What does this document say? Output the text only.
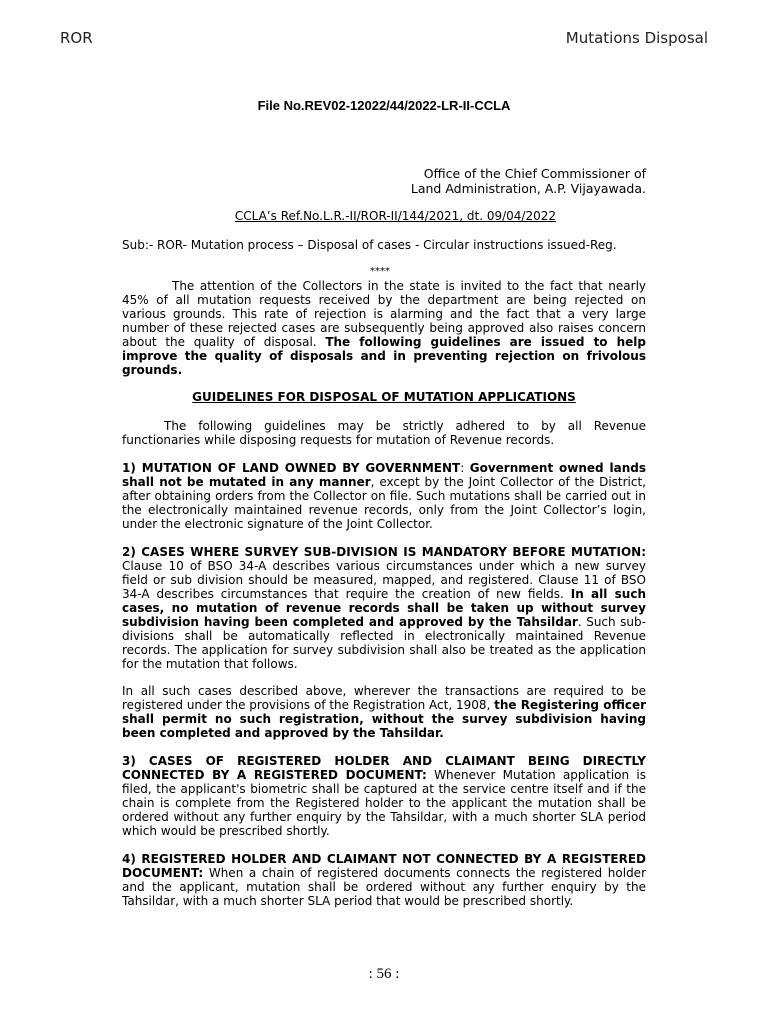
ROR	Mutations Disposal
File No.REV02-12022/44/2022-LR-II-CCLA
Office of the Chief Commissioner of
Land Administration, A.P. Vijayawada.
CCLA’s Ref.No.L.R.-II/ROR-II/144/2021, dt. 09/04/2022
Sub:- ROR- Mutation process – Disposal of cases - Circular instructions issued-Reg.
****
The attention of the Collectors in the state is invited to the fact that nearly 45% of all mutation requests received by the department are being rejected on various grounds. This rate of rejection is alarming and the fact that a very large number of these rejected cases are subsequently being approved also raises concern about the quality of disposal. The following guidelines are issued to help improve the quality of disposals and in preventing rejection on frivolous grounds.
GUIDELINES FOR DISPOSAL OF MUTATION APPLICATIONS
The following guidelines may be strictly adhered to by all Revenue functionaries while disposing requests for mutation of Revenue records.
1) MUTATION OF LAND OWNED BY GOVERNMENT: Government owned lands shall not be mutated in any manner, except by the Joint Collector of the District, after obtaining orders from the Collector on file. Such mutations shall be carried out in the electronically maintained revenue records, only from the Joint Collector’s login, under the electronic signature of the Joint Collector.
2) CASES WHERE SURVEY SUB-DIVISION IS MANDATORY BEFORE MUTATION: Clause 10 of BSO 34-A describes various circumstances under which a new survey field or sub division should be measured, mapped, and registered. Clause 11 of BSO 34-A describes circumstances that require the creation of new fields. In all such cases, no mutation of revenue records shall be taken up without survey subdivision having been completed and approved by the Tahsildar. Such sub-divisions shall be automatically reflected in electronically maintained Revenue records. The application for survey subdivision shall also be treated as the application for the mutation that follows.
In all such cases described above, wherever the transactions are required to be registered under the provisions of the Registration Act, 1908, the Registering officer shall permit no such registration, without the survey subdivision having been completed and approved by the Tahsildar.
3) CASES OF REGISTERED HOLDER AND CLAIMANT BEING DIRECTLY CONNECTED BY A REGISTERED DOCUMENT: Whenever Mutation application is filed, the applicant's biometric shall be captured at the service centre itself and if the chain is complete from the Registered holder to the applicant the mutation shall be ordered without any further enquiry by the Tahsildar, with a much shorter SLA period which would be prescribed shortly.
4) REGISTERED HOLDER AND CLAIMANT NOT CONNECTED BY A REGISTERED DOCUMENT: When a chain of registered documents connects the registered holder and the applicant, mutation shall be ordered without any further enquiry by the Tahsildar, with a much shorter SLA period that would be prescribed shortly.
: 56 :
